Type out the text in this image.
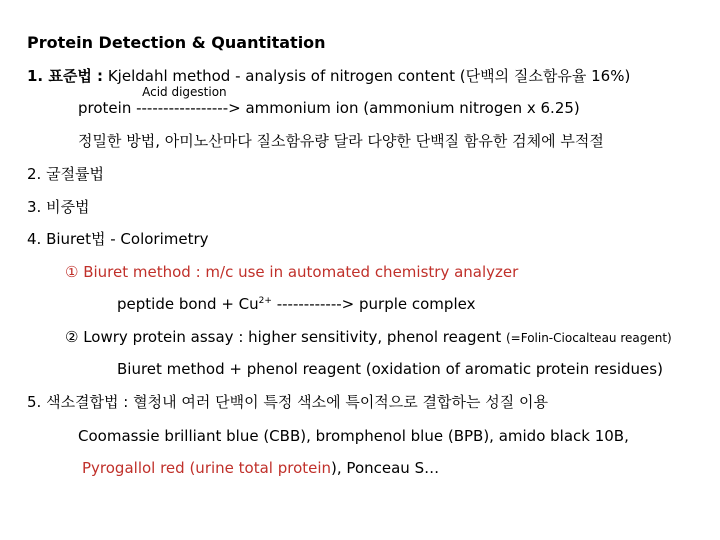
Protein Detection & Quantitation
1. 표준법 : Kjeldahl method - analysis of nitrogen content (단백의 질소함유율 16%)
protein
Acid digestion
-----------------> ammonium ion (ammonium nitrogen x 6.25)
정밀한 방법, 아미노산마다 질소함유량 달라 다양한 단백질 함유한 검체에 부적절
2. 굴절률법
3. 비중법
4. Biuret법 - Colorimetry
① Biuret method : m/c use in automated chemistry analyzer
peptide bond + $Cu^{2+}$ ------------> purple complex
② Lowry protein assay : higher sensitivity, phenol reagent (=Folin-Ciocalteau reagent)
Biuret method + phenol reagent (oxidation of aromatic protein residues)
5. 색소결합법 : 혈청내 여러 단백이 특정 색소에 특이적으로 결합하는 성질 이용
Coomassie brilliant blue (CBB), bromphenol blue (BPB), amido black 10B,
Pyrogallol red (urine total protein), Ponceau S…
